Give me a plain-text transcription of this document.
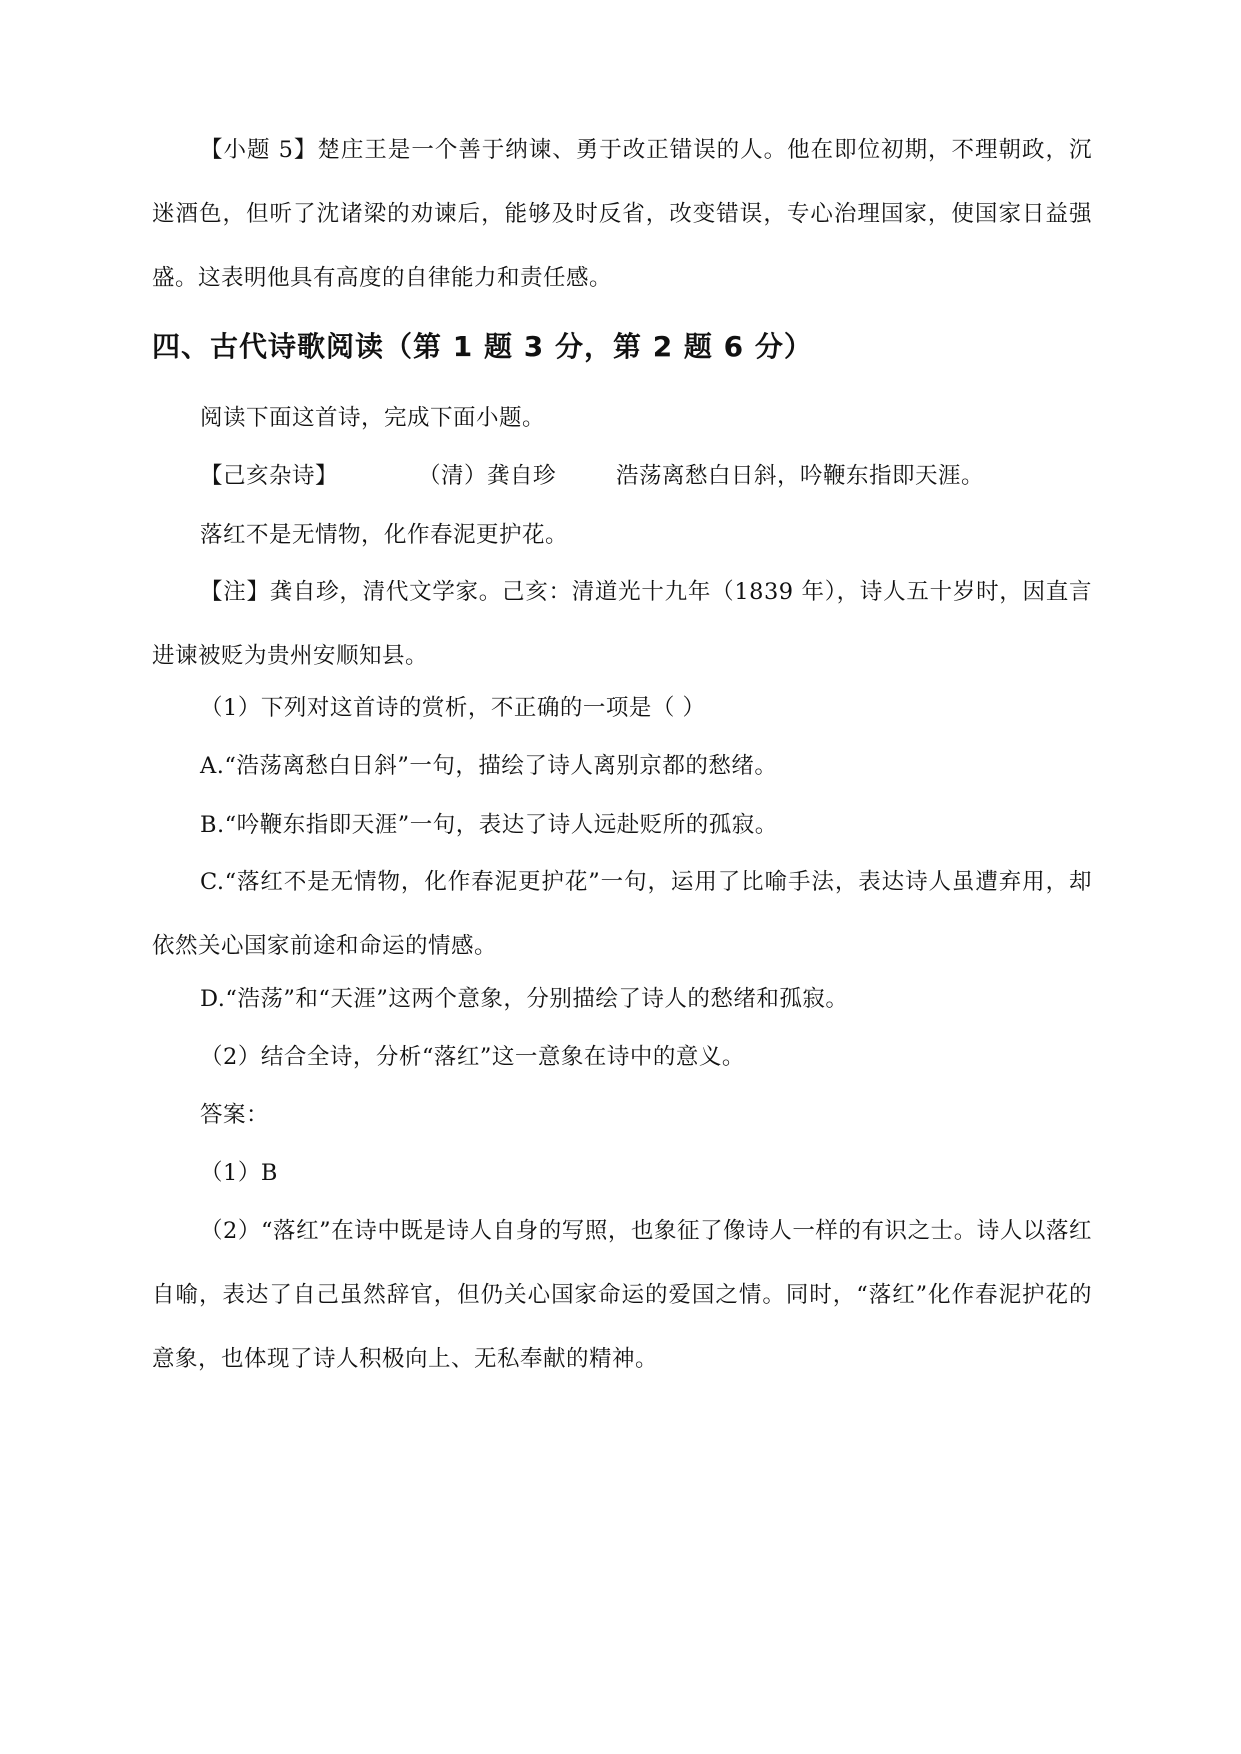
【小题 5】楚庄王是一个善于纳谏、勇于改正错误的人。他在即位初期，不理朝政，沉迷酒色，但听了沈诸梁的劝谏后，能够及时反省，改变错误，专心治理国家，使国家日益强盛。这表明他具有高度的自律能力和责任感。
四、古代诗歌阅读（第 1 题 3 分，第 2 题 6 分）
阅读下面这首诗，完成下面小题。
【己亥杂诗】	（清）龚自珍	浩荡离愁白日斜，吟鞭东指即天涯。
落红不是无情物，化作春泥更护花。
【注】龚自珍，清代文学家。己亥：清道光十九年（1839 年），诗人五十岁时，因直言进谏被贬为贵州安顺知县。
（1）下列对这首诗的赏析，不正确的一项是（ ）
A.“浩荡离愁白日斜”一句，描绘了诗人离别京都的愁绪。
B.“吟鞭东指即天涯”一句，表达了诗人远赴贬所的孤寂。
C.“落红不是无情物，化作春泥更护花”一句，运用了比喻手法，表达诗人虽遭弃用，却依然关心国家前途和命运的情感。
D.“浩荡”和“天涯”这两个意象，分别描绘了诗人的愁绪和孤寂。
（2）结合全诗，分析“落红”这一意象在诗中的意义。
答案：
（1）B
（2）“落红”在诗中既是诗人自身的写照，也象征了像诗人一样的有识之士。诗人以落红自喻，表达了自己虽然辞官，但仍关心国家命运的爱国之情。同时，“落红”化作春泥护花的意象，也体现了诗人积极向上、无私奉献的精神。
